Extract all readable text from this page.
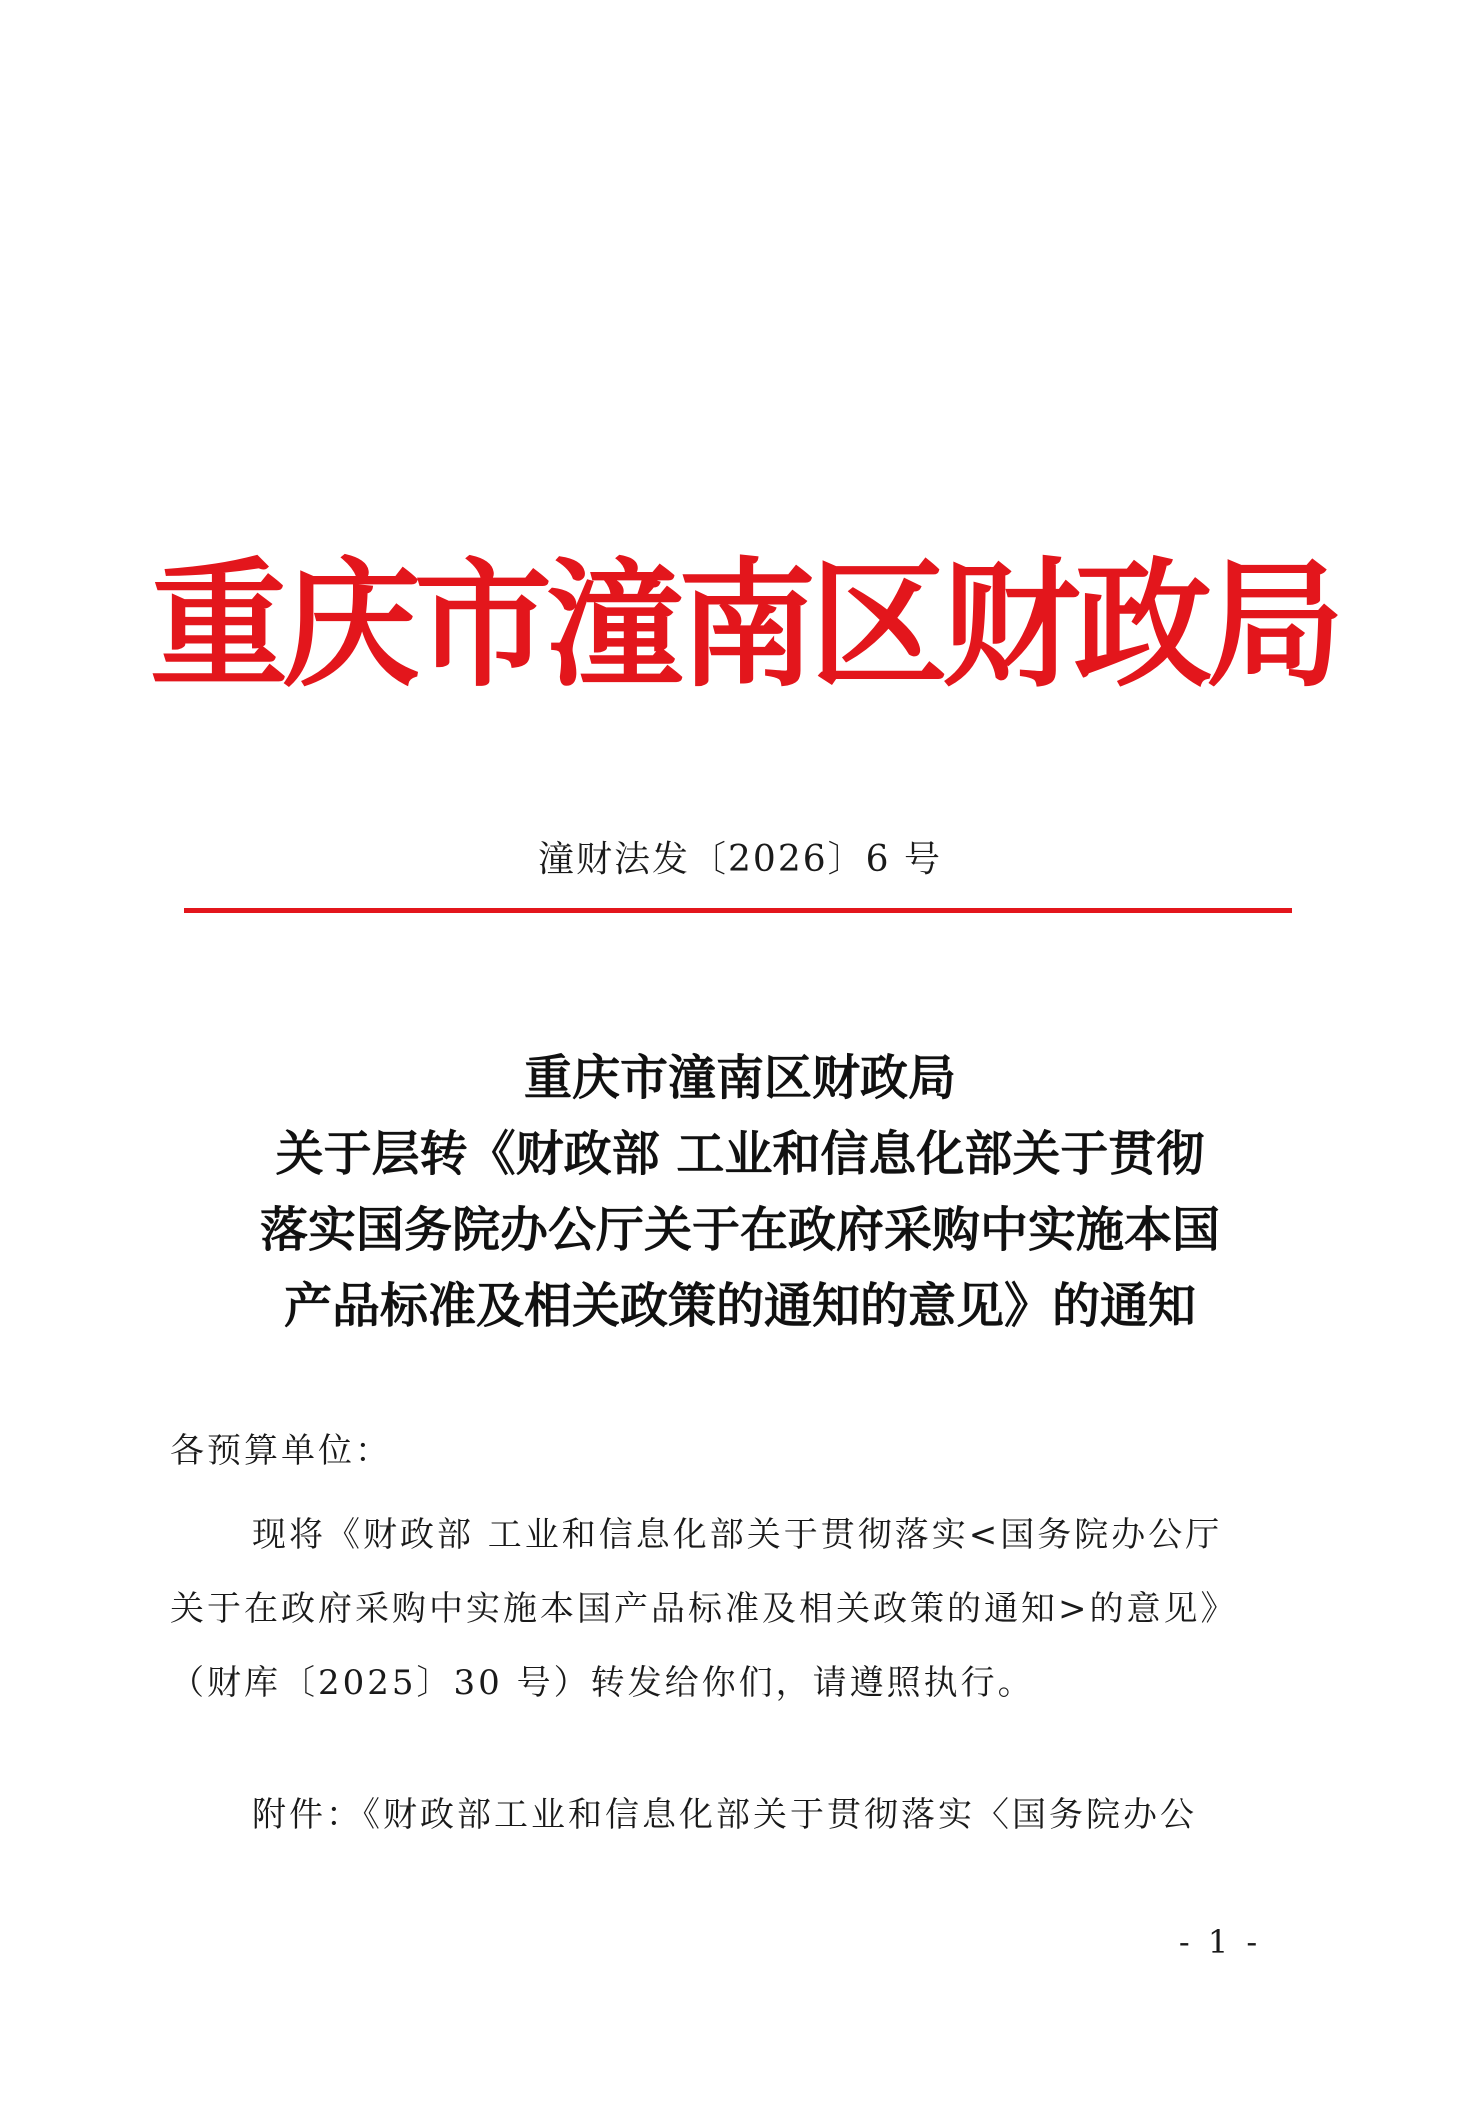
重庆市潼南区财政局
潼财法发〔2026〕6 号
重庆市潼南区财政局
关于层转《财政部 工业和信息化部关于贯彻
落实国务院办公厅关于在政府采购中实施本国
产品标准及相关政策的通知的意见》的通知
各预算单位：
现将《财政部 工业和信息化部关于贯彻落实<国务院办公厅
关于在政府采购中实施本国产品标准及相关政策的通知>的意见》
（财库〔2025〕30 号）转发给你们，请遵照执行。
附件：《财政部工业和信息化部关于贯彻落实〈国务院办公
- 1 -
